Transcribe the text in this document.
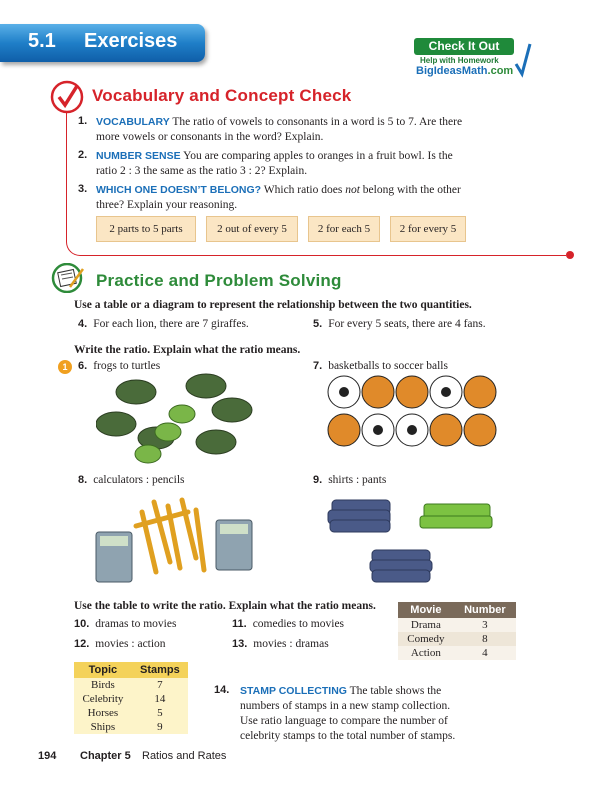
5.1 Exercises	Check It Out
Help with Homework
BigIdeasMath.com
Vocabulary and Concept Check
1. VOCABULARY The ratio of vowels to consonants in a word is 5 to 7. Are there
more vowels or consonants in the word? Explain.
2. NUMBER SENSE You are comparing apples to oranges in a fruit bowl. Is the
ratio 2 : 3 the same as the ratio 3 : 2? Explain.
3. WHICH ONE DOESN’T BELONG? Which ratio does not belong with the other
three? Explain your reasoning.
2 parts to 5 parts	2 out of every 5	2 for each 5	2 for every 5
Practice and Problem Solving
Use a table or a diagram to represent the relationship between the two quantities.
4. For each lion, there are 7 giraffes.	5. For every 5 seats, there are 4 fans.
Write the ratio. Explain what the ratio means.
1 6. frogs to turtles	7. basketballs to soccer balls
8. calculators : pencils	9. shirts : pants
Use the table to write the ratio. Explain what the ratio means.
10. dramas to movies	11. comedies to movies
12. movies : action	13. movies : dramas
Movie	Number
Drama	3
Comedy	8
Action	4
Topic	Stamps
Birds	7
Celebrity	14
Horses	5
Ships	9
14. STAMP COLLECTING The table shows the
numbers of stamps in a new stamp collection.
Use ratio language to compare the number of
celebrity stamps to the total number of stamps.
194 Chapter 5 Ratios and Rates
